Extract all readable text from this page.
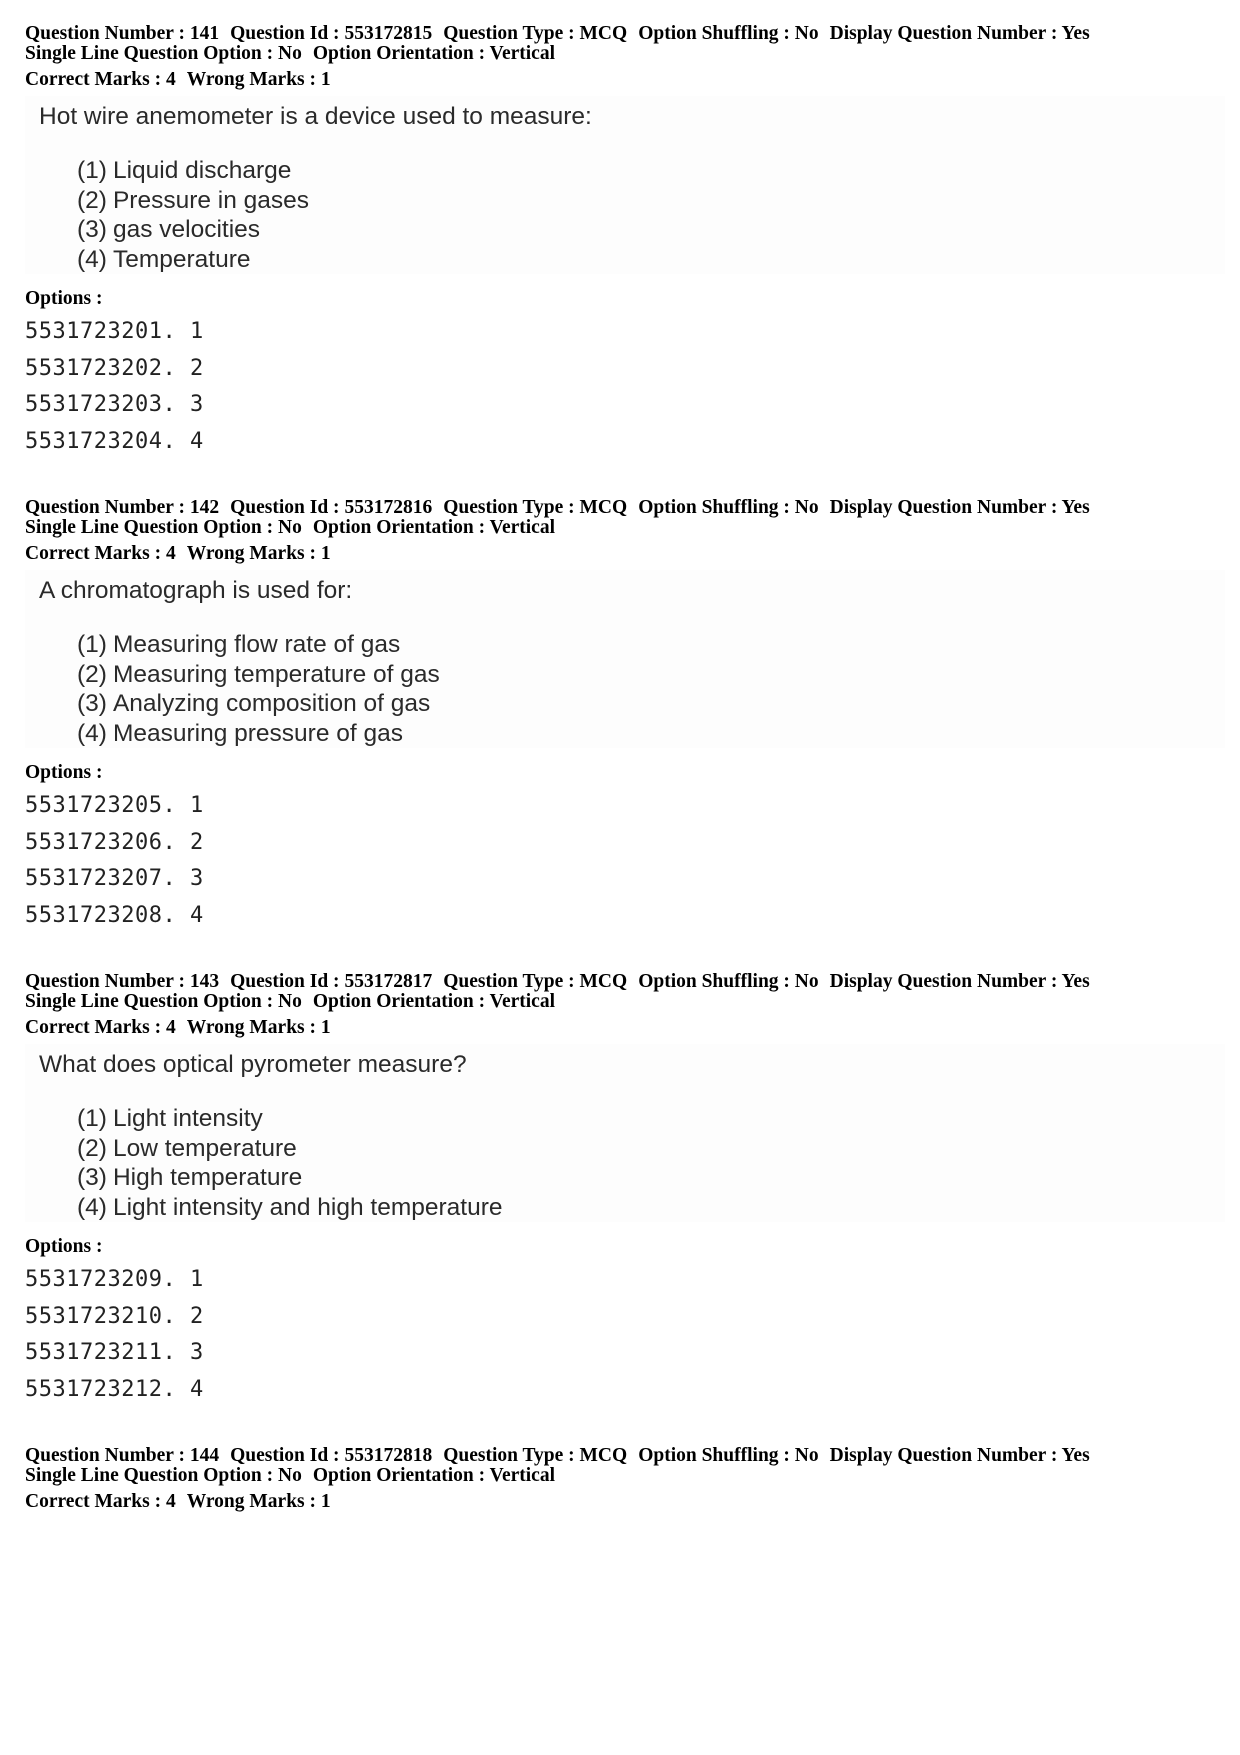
Question Number : 141 Question Id : 553172815 Question Type : MCQ Option Shuffling : No Display Question Number : Yes
Single Line Question Option : No Option Orientation : Vertical
Correct Marks : 4 Wrong Marks : 1
Hot wire anemometer is a device used to measure:
(1) Liquid discharge
(2) Pressure in gases
(3) gas velocities
(4) Temperature
Options :
5531723201. 1
5531723202. 2
5531723203. 3
5531723204. 4
Question Number : 142 Question Id : 553172816 Question Type : MCQ Option Shuffling : No Display Question Number : Yes
Single Line Question Option : No Option Orientation : Vertical
Correct Marks : 4 Wrong Marks : 1
A chromatograph is used for:
(1) Measuring flow rate of gas
(2) Measuring temperature of gas
(3) Analyzing composition of gas
(4) Measuring pressure of gas
Options :
5531723205. 1
5531723206. 2
5531723207. 3
5531723208. 4
Question Number : 143 Question Id : 553172817 Question Type : MCQ Option Shuffling : No Display Question Number : Yes
Single Line Question Option : No Option Orientation : Vertical
Correct Marks : 4 Wrong Marks : 1
What does optical pyrometer measure?
(1) Light intensity
(2) Low temperature
(3) High temperature
(4) Light intensity and high temperature
Options :
5531723209. 1
5531723210. 2
5531723211. 3
5531723212. 4
Question Number : 144 Question Id : 553172818 Question Type : MCQ Option Shuffling : No Display Question Number : Yes
Single Line Question Option : No Option Orientation : Vertical
Correct Marks : 4 Wrong Marks : 1
